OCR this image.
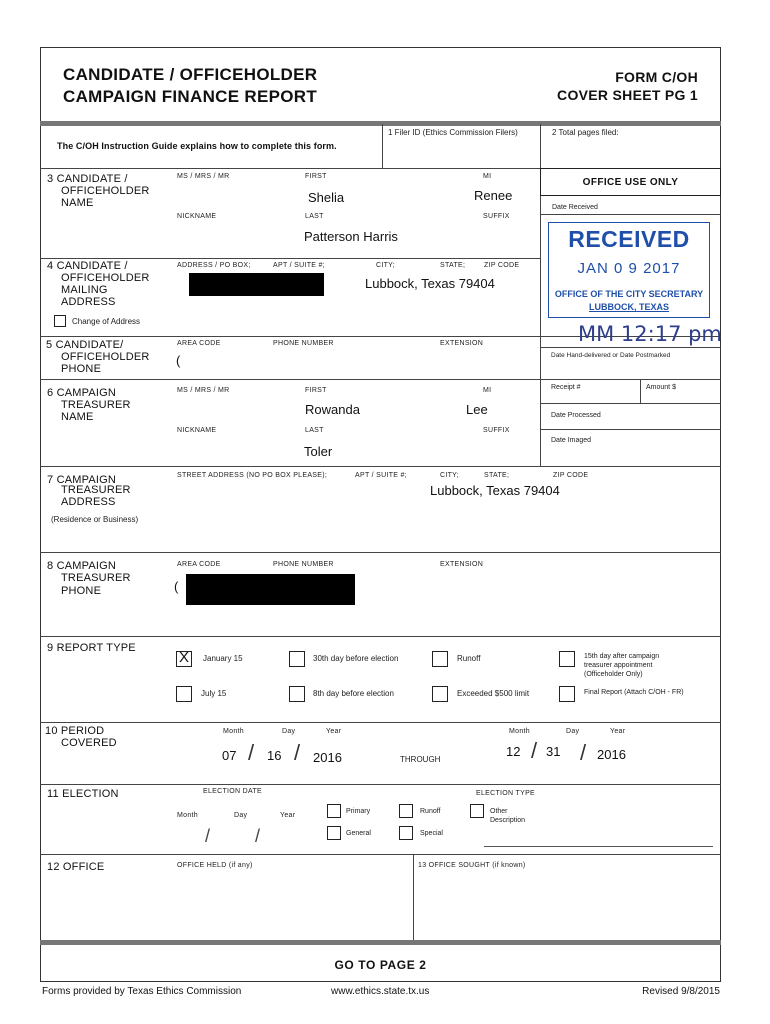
CANDIDATE / OFFICEHOLDER
CAMPAIGN FINANCE REPORT
FORM C/OH
COVER SHEET PG 1
The C/OH Instruction Guide explains how to complete this form.
1 Filer ID (Ethics Commission Filers)	2 Total pages filed:
OFFICE USE ONLY
Date Received
RECEIVED
JAN 0 9 2017
OFFICE OF THE CITY SECRETARY
LUBBOCK, TEXAS
MM 12:17 pm
Date Hand-delivered or Date Postmarked
Receipt #	Amount $
Date Processed
Date Imaged
3 CANDIDATE /
OFFICEHOLDER
NAME
MS / MRS / MR	FIRST	MI
Shelia	Renee
NICKNAME	LAST	SUFFIX
Patterson Harris
4 CANDIDATE /
OFFICEHOLDER
MAILING
ADDRESS
ADDRESS / PO BOX;	APT / SUITE #;	CITY;	STATE;	ZIP CODE
Lubbock, Texas 79404
Change of Address
5 CANDIDATE/
OFFICEHOLDER
PHONE
AREA CODE	PHONE NUMBER	EXTENSION
(
6 CAMPAIGN
TREASURER
NAME
MS / MRS / MR	FIRST	MI
Rowanda	Lee
NICKNAME	LAST	SUFFIX
Toler
7 CAMPAIGN
TREASURER
ADDRESS
(Residence or Business)
STREET ADDRESS (NO PO BOX PLEASE);	APT / SUITE #;	CITY;	STATE;	ZIP CODE
Lubbock, Texas 79404
8 CAMPAIGN
TREASURER
PHONE
AREA CODE	PHONE NUMBER	EXTENSION
(
9 REPORT TYPE
X January 15	30th day before election	Runoff	15th day after campaign
treasurer appointment
(Officeholder Only)
July 15	8th day before election	Exceeded $500 limit	Final Report (Attach C/OH - FR)
10 PERIOD
COVERED
Month	Day	Year
07 / 16 / 2016	THROUGH
Month	Day	Year
12 / 31 / 2016
11 ELECTION	ELECTION DATE	ELECTION TYPE
Month	Day	Year
/ /
Primary	Runoff	Other
Description
General	Special
12 OFFICE	OFFICE HELD (if any)	13 OFFICE SOUGHT (if known)
GO TO PAGE 2
Forms provided by Texas Ethics Commission	www.ethics.state.tx.us	Revised 9/8/2015
